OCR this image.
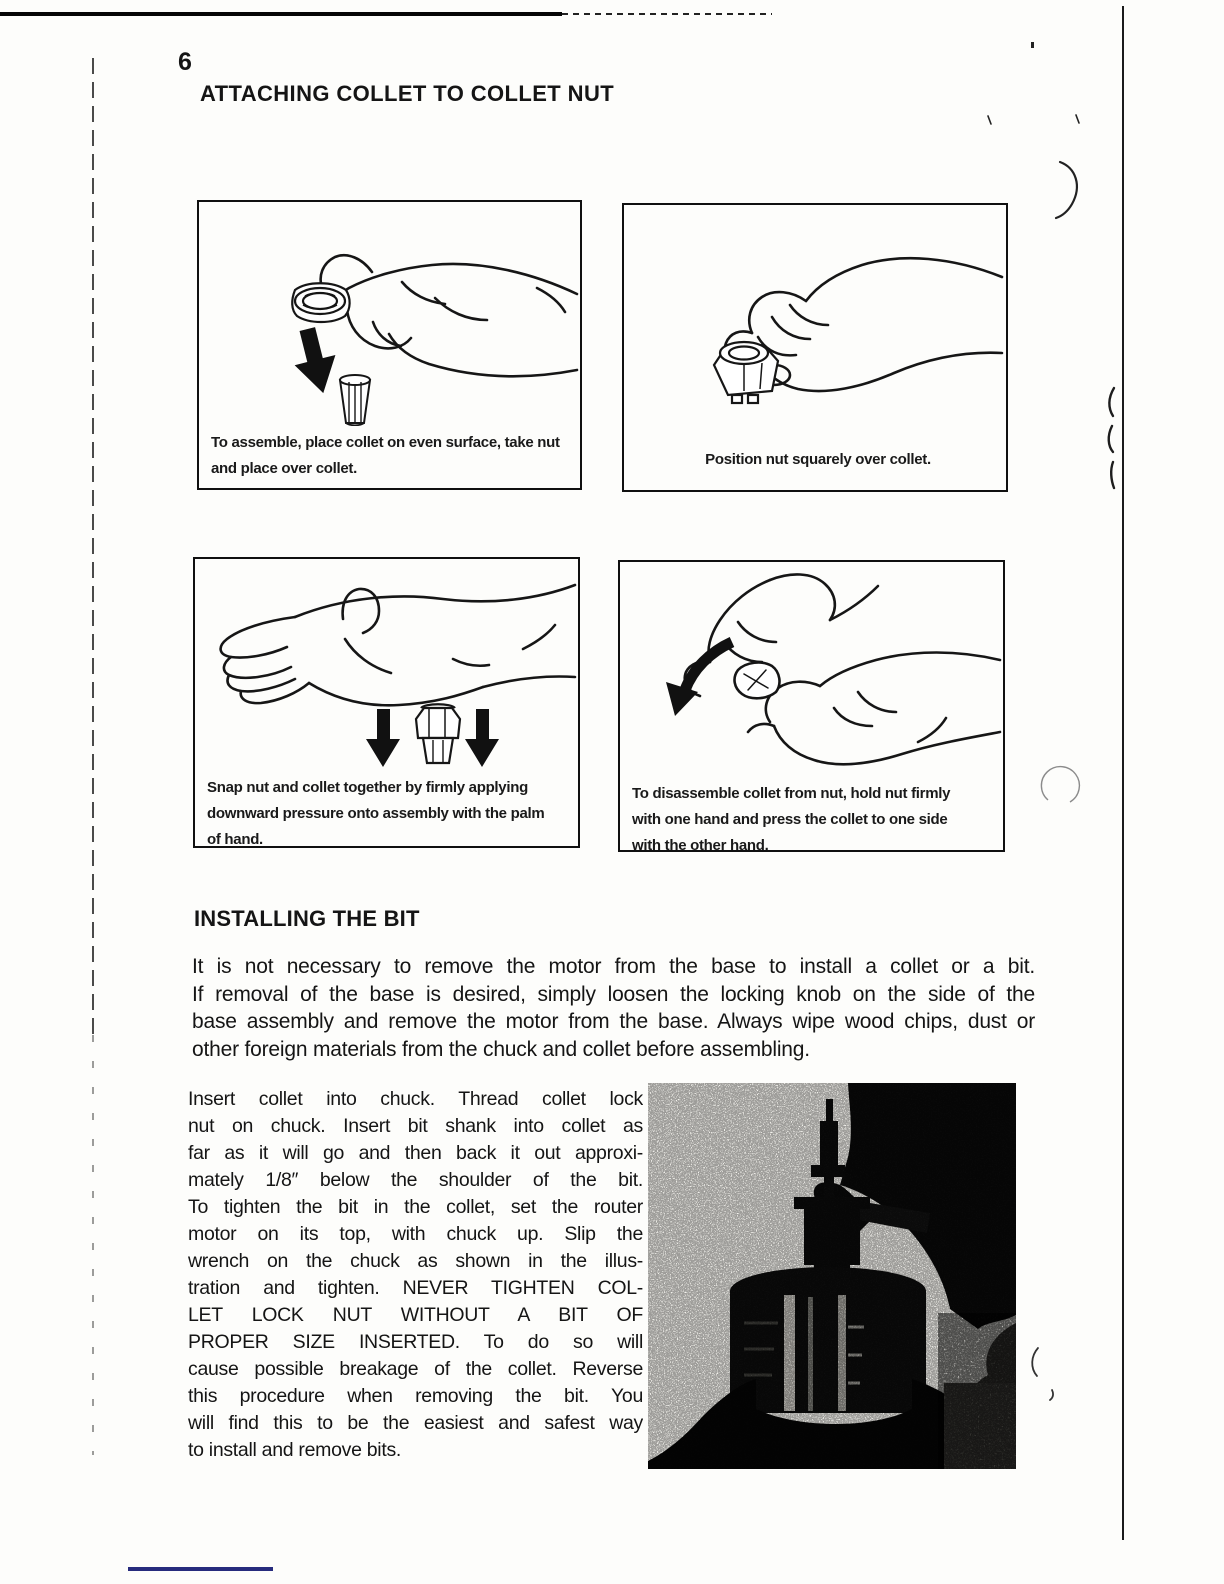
6
ATTACHING COLLET TO COLLET NUT
To assemble, place collet on even surface, take nut
and place over collet.
Position nut squarely over collet.
Snap nut and collet together by firmly applying
downward pressure onto assembly with the palm
of hand.
To disassemble collet from nut, hold nut firmly
with one hand and press the collet to one side
with the other hand.
INSTALLING THE BIT
It is not necessary to remove the motor from the base to install a collet or a bit.
If removal of the base is desired, simply loosen the locking knob on the side of the
base assembly and remove the motor from the base. Always wipe wood chips, dust or
other foreign materials from the chuck and collet before assembling.
Insert collet into chuck. Thread collet lock
nut on chuck. Insert bit shank into collet as
far as it will go and then back it out approxi-
mately 1/8″ below the shoulder of the bit.
To tighten the bit in the collet, set the router
motor on its top, with chuck up. Slip the
wrench on the chuck as shown in the illus-
tration and tighten. NEVER TIGHTEN COL-
LET LOCK NUT WITHOUT A BIT OF
PROPER SIZE INSERTED. To do so will
cause possible breakage of the collet. Reverse
this procedure when removing the bit. You
will find this to be the easiest and safest way
to install and remove bits.
